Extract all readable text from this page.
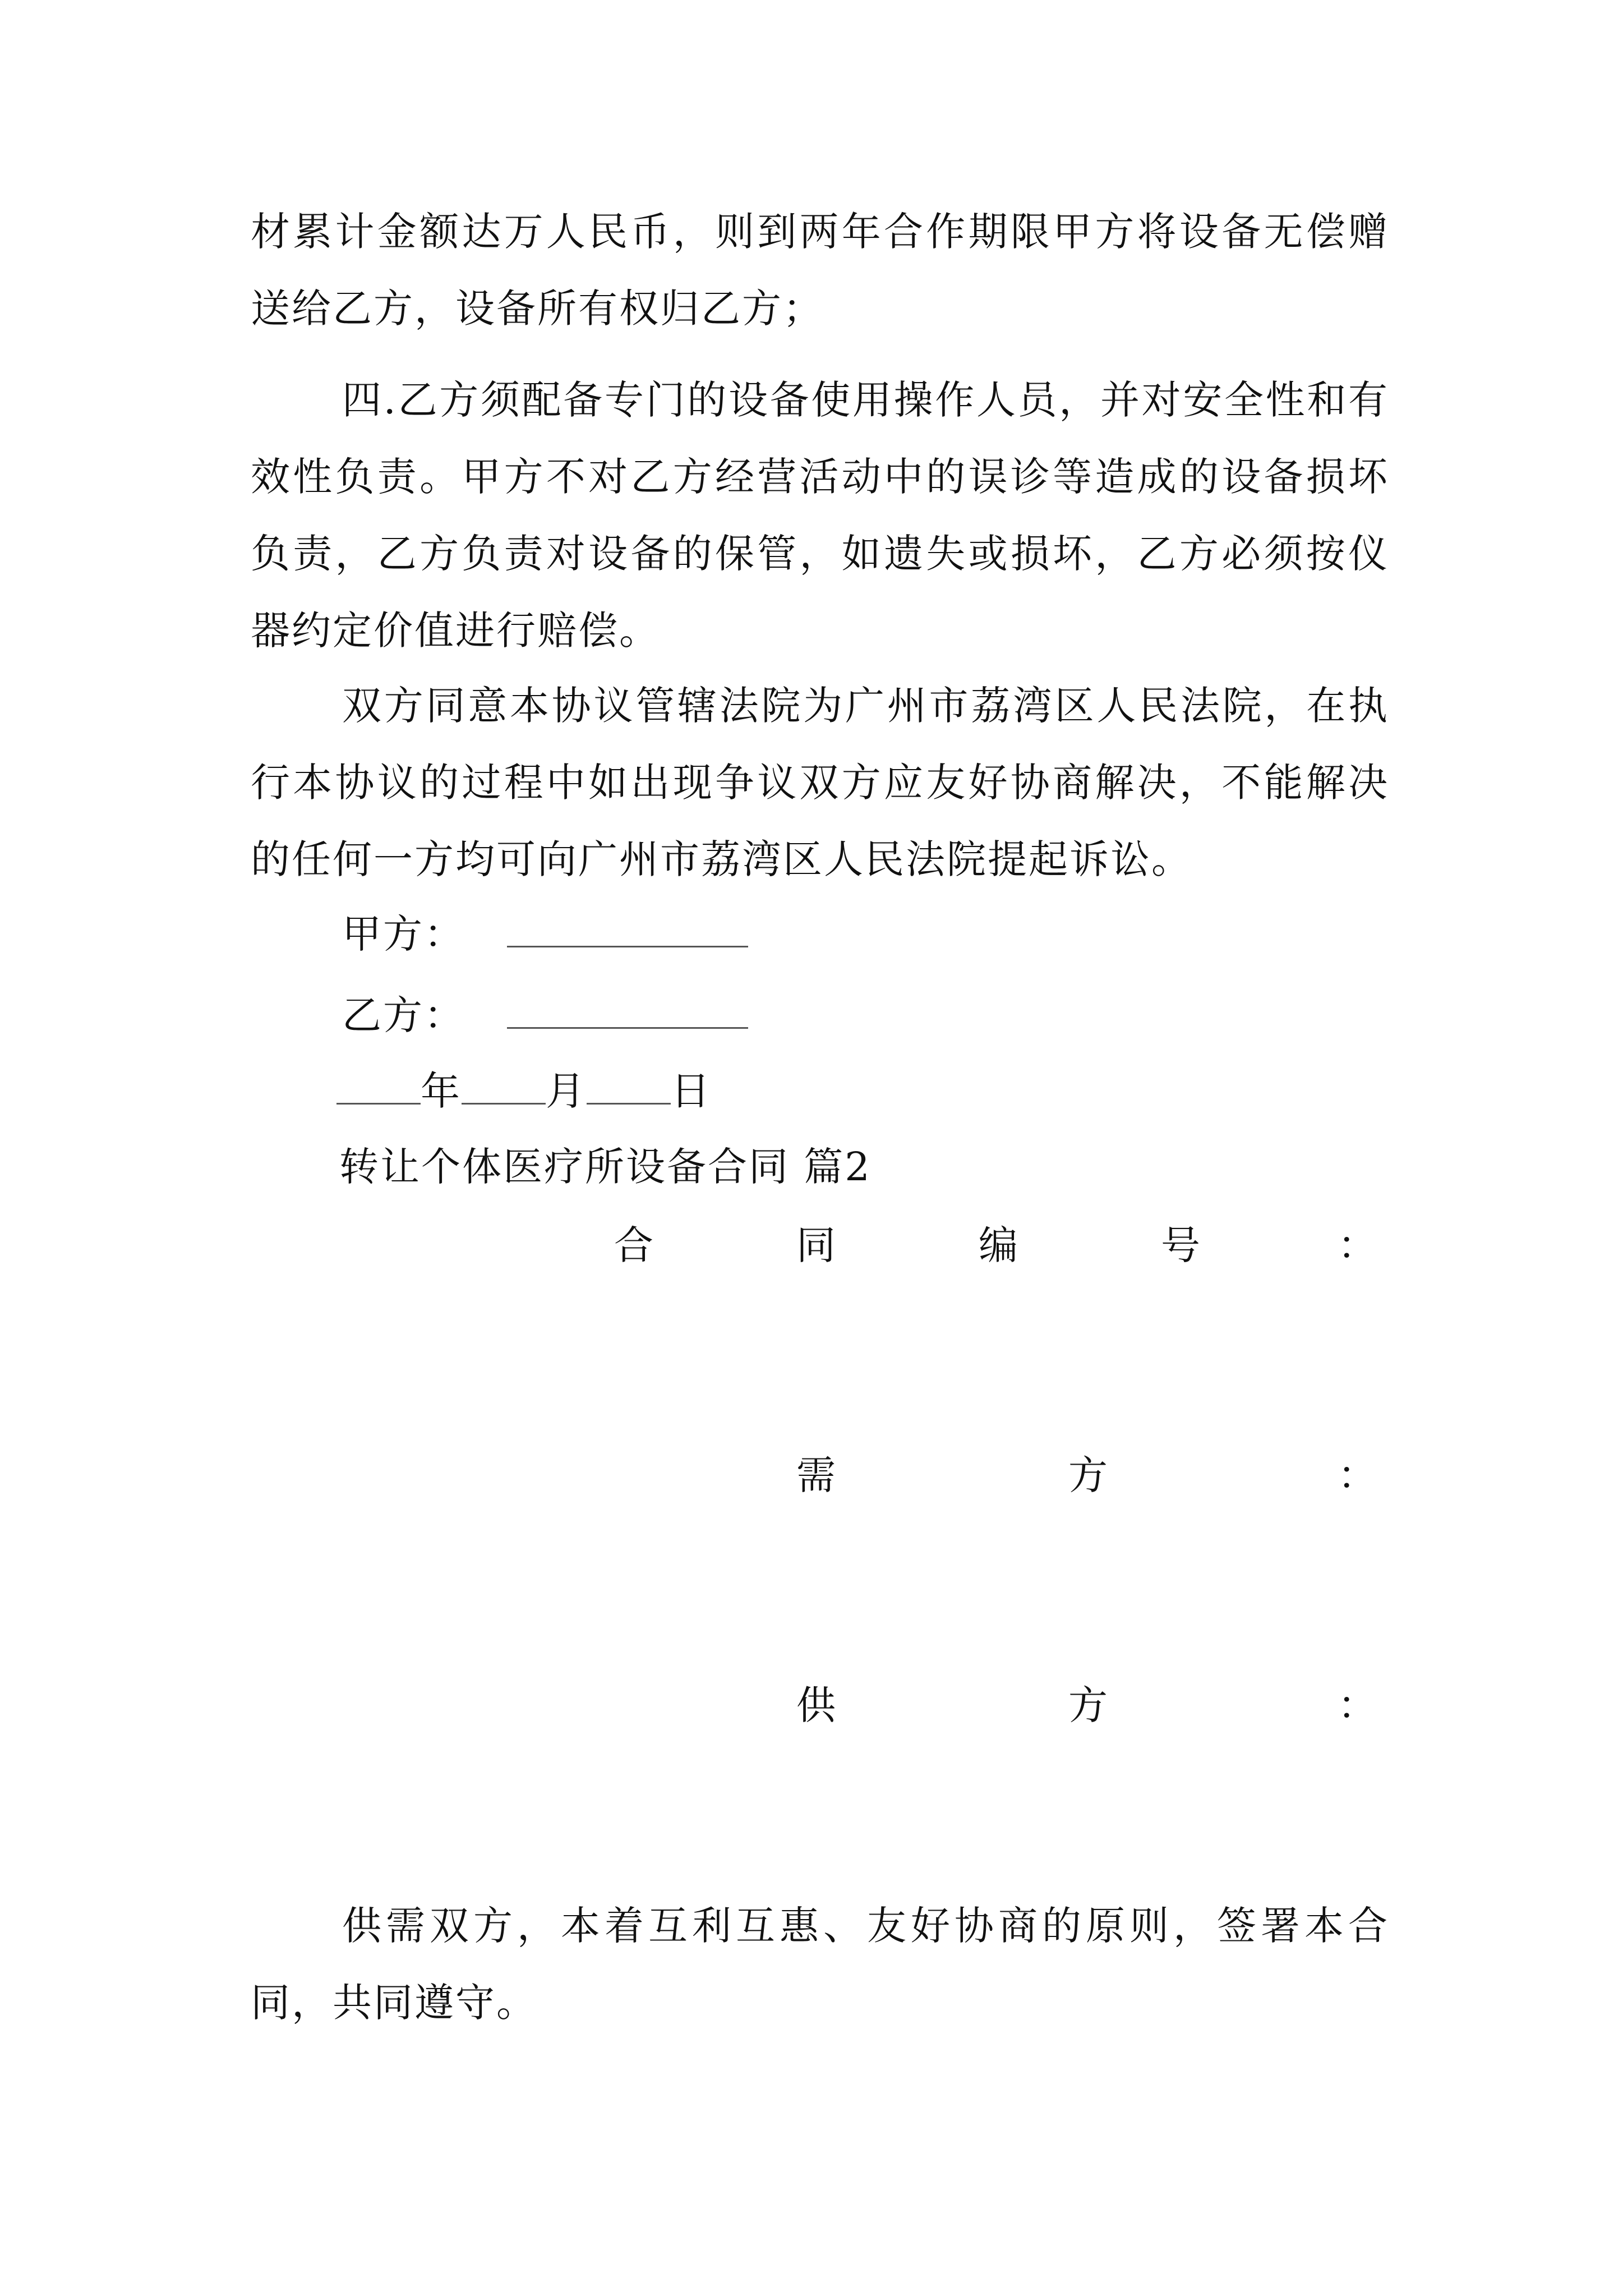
材累计金额达万人民币，则到两年合作期限甲方将设备无偿赠送给乙方，设备所有权归乙方；

四.乙方须配备专门的设备使用操作人员，并对安全性和有效性负责。甲方不对乙方经营活动中的误诊等造成的设备损坏负责，乙方负责对设备的保管，如遗失或损坏，乙方必须按仪器约定价值进行赔偿。

双方同意本协议管辖法院为广州市荔湾区人民法院，在执行本协议的过程中如出现争议双方应友好协商解决，不能解决的任何一方均可向广州市荔湾区人民法院提起诉讼。

甲方：
乙方：
年 月 日
转让个体医疗所设备合同 篇2
合	同	编	号	：
需	方	：
供	方	：

供需双方，本着互利互惠、友好协商的原则，签署本合同，共同遵守。
